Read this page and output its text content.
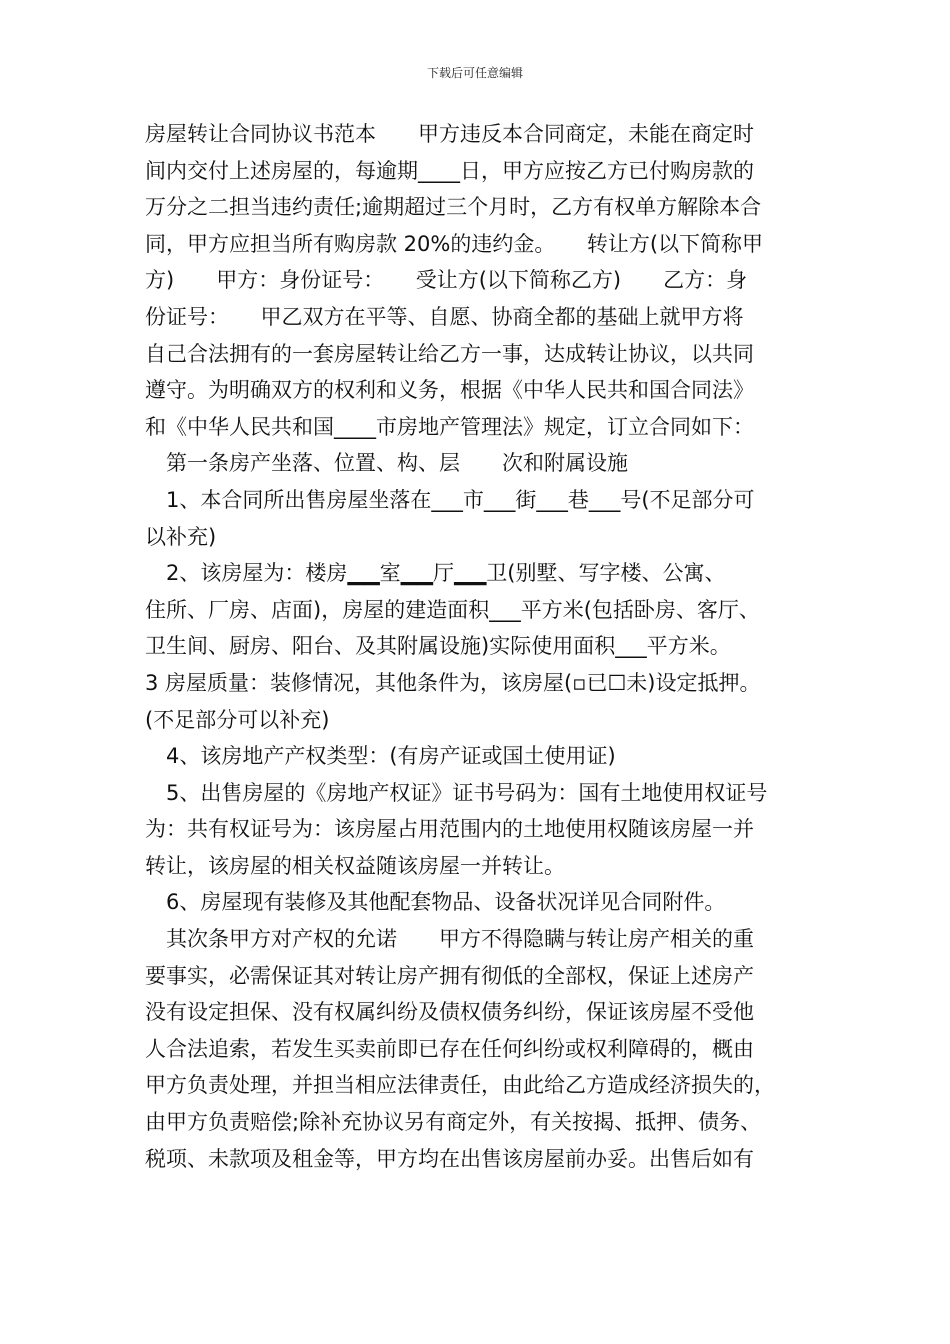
下载后可任意编辑
房屋转让合同协议书范本　　甲方违反本合同商定，未能在商定时
间内交付上述房屋的，每逾期____日，甲方应按乙方已付购房款的
万分之二担当违约责任;逾期超过三个月时，乙方有权单方解除本合
同，甲方应担当所有购房款 20%的违约金。　　转让方(以下简称甲
方)　　甲方：身份证号：　　受让方(以下简称乙方)　　乙方：身
份证号：　　甲乙双方在平等、自愿、协商全都的基础上就甲方将
自己合法拥有的一套房屋转让给乙方一事，达成转让协议，以共同
遵守。为明确双方的权利和义务，根据《中华人民共和国合同法》
和《中华人民共和国____市房地产管理法》规定，订立合同如下：
　第一条房产坐落、位置、构、层　　次和附属设施
　1、本合同所出售房屋坐落在___市___街___巷___号(不足部分可
以补充)
　2、该房屋为：楼房▁▁室▁▁厅▁▁卫(别墅、写字楼、公寓、
住所、厂房、店面)，房屋的建造面积___平方米(包括卧房、客厅、
卫生间、厨房、阳台、及其附属设施)实际使用面积___平方米。
3 房屋质量：装修情况，其他条件为，该房屋(▫已☐未)设定抵押。
(不足部分可以补充)
　4、该房地产产权类型：(有房产证或国土使用证)
　5、出售房屋的《房地产权证》证书号码为：国有土地使用权证号
为：共有权证号为：该房屋占用范围内的土地使用权随该房屋一并
转让，该房屋的相关权益随该房屋一并转让。
　6、房屋现有装修及其他配套物品、设备状况详见合同附件。
　其次条甲方对产权的允诺　　甲方不得隐瞒与转让房产相关的重
要事实，必需保证其对转让房产拥有彻低的全部权，保证上述房产
没有设定担保、没有权属纠纷及债权债务纠纷，保证该房屋不受他
人合法追索，若发生买卖前即已存在任何纠纷或权利障碍的，概由
甲方负责处理，并担当相应法律责任，由此给乙方造成经济损失的，
由甲方负责赔偿;除补充协议另有商定外，有关按揭、抵押、债务、
税项、未款项及租金等，甲方均在出售该房屋前办妥。出售后如有
